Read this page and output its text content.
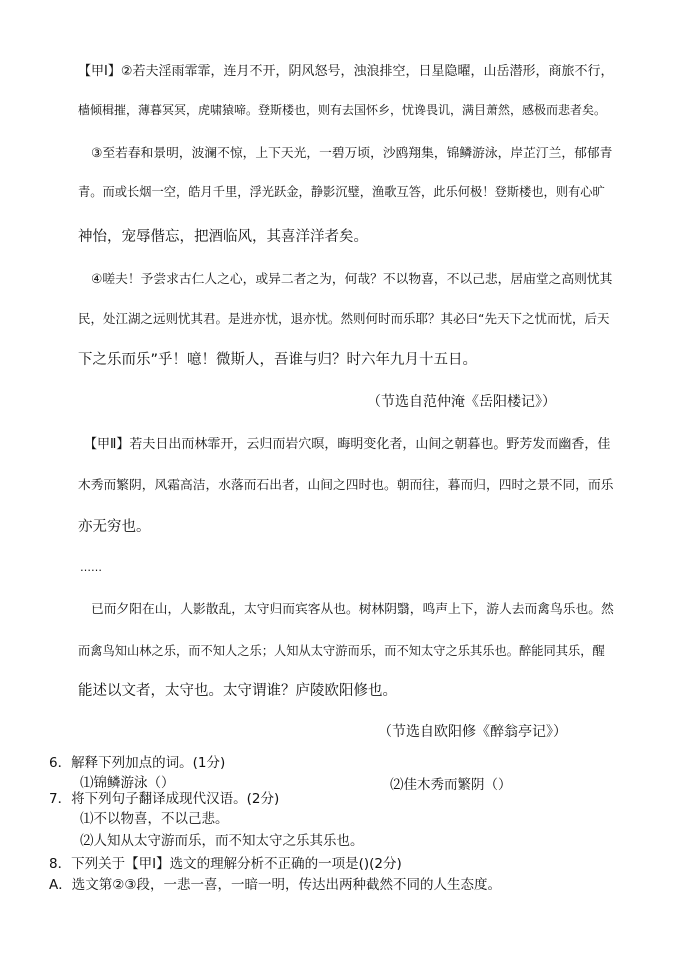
【甲Ⅰ】②若夫淫雨霏霏，连月不开，阴风怒号，浊浪排空，日星隐曜，山岳潜形，商旅不行，
樯倾楫摧，薄暮冥冥，虎啸猿啼。登斯楼也，则有去国怀乡，忧谗畏讥，满目萧然，感极而悲者矣。
③至若春和景明，波澜不惊，上下天光，一碧万顷，沙鸥翔集，锦鳞游泳，岸芷汀兰，郁郁青
青。而或长烟一空，皓月千里，浮光跃金，静影沉璧，渔歌互答，此乐何极！登斯楼也，则有心旷
神怡，宠辱偕忘，把酒临风，其喜洋洋者矣。
④嗟夫！予尝求古仁人之心，或异二者之为，何哉？不以物喜，不以己悲，居庙堂之高则忧其
民，处江湖之远则忧其君。是进亦忧，退亦忧。然则何时而乐耶？其必曰“先天下之忧而忧，后天
下之乐而乐”乎！噫！微斯人，吾谁与归？时六年九月十五日。
（节选自范仲淹《岳阳楼记》）
【甲Ⅱ】若夫日出而林霏开，云归而岩穴暝，晦明变化者，山间之朝暮也。野芳发而幽香，佳
木秀而繁阴，风霜高洁，水落而石出者，山间之四时也。朝而往，暮而归，四时之景不同，而乐
亦无穷也。
……
已而夕阳在山，人影散乱，太守归而宾客从也。树林阴翳，鸣声上下，游人去而禽鸟乐也。然
而禽鸟知山林之乐，而不知人之乐；人知从太守游而乐，而不知太守之乐其乐也。醉能同其乐，醒
能述以文者，太守也。太守谓谁？庐陵欧阳修也。
（节选自欧阳修《醉翁亭记》）
6．解释下列加点的词。(1分)
⑴锦鳞游泳（）	⑵佳木秀而繁阴（）
7．将下列句子翻译成现代汉语。(2分)
⑴不以物喜，不以己悲。
⑵人知从太守游而乐，而不知太守之乐其乐也。
8．下列关于【甲Ⅰ】选文的理解分析不正确的一项是()(2分)
A．选文第②③段，一悲一喜，一暗一明，传达出两种截然不同的人生态度。
